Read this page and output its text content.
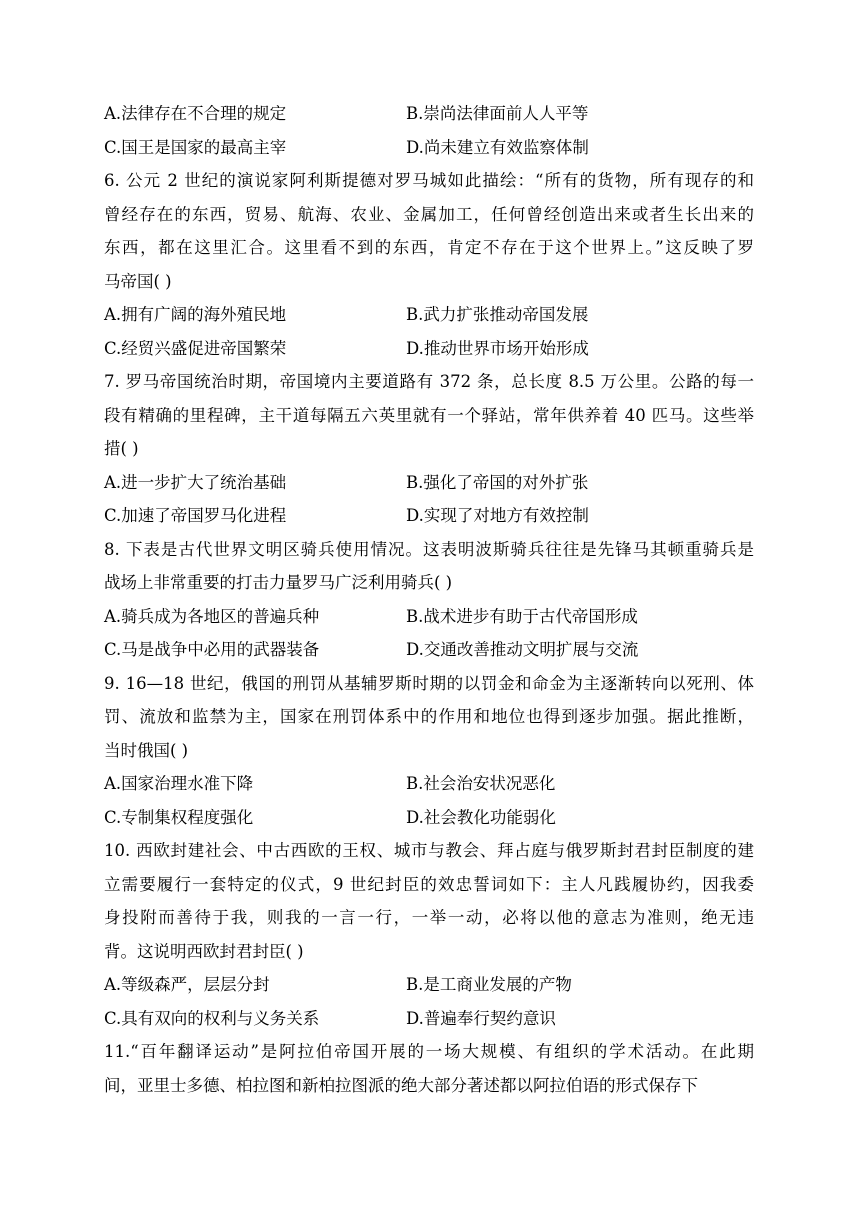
A.法律存在不合理的规定	B.崇尚法律面前人人平等
C.国王是国家的最高主宰	D.尚未建立有效监察体制
6. 公元 2 世纪的演说家阿利斯提德对罗马城如此描绘：“所有的货物，所有现存的和
曾经存在的东西，贸易、航海、农业、金属加工，任何曾经创造出来或者生长出来的
东西，都在这里汇合。这里看不到的东西，肯定不存在于这个世界上。”这反映了罗
马帝国( )
A.拥有广阔的海外殖民地	B.武力扩张推动帝国发展
C.经贸兴盛促进帝国繁荣	D.推动世界市场开始形成
7. 罗马帝国统治时期，帝国境内主要道路有 372 条，总长度 8.5 万公里。公路的每一
段有精确的里程碑，主干道每隔五六英里就有一个驿站，常年供养着 40 匹马。这些举
措( )
A.进一步扩大了统治基础	B.强化了帝国的对外扩张
C.加速了帝国罗马化进程	D.实现了对地方有效控制
8. 下表是古代世界文明区骑兵使用情况。这表明波斯骑兵往往是先锋马其顿重骑兵是
战场上非常重要的打击力量罗马广泛利用骑兵( )
A.骑兵成为各地区的普遍兵种	B.战术进步有助于古代帝国形成
C.马是战争中必用的武器装备	D.交通改善推动文明扩展与交流
9. 16—18 世纪，俄国的刑罚从基辅罗斯时期的以罚金和命金为主逐渐转向以死刑、体
罚、流放和监禁为主，国家在刑罚体系中的作用和地位也得到逐步加强。据此推断，
当时俄国( )
A.国家治理水准下降	B.社会治安状况恶化
C.专制集权程度强化	D.社会教化功能弱化
10. 西欧封建社会、中古西欧的王权、城市与教会、拜占庭与俄罗斯封君封臣制度的建
立需要履行一套特定的仪式，9 世纪封臣的效忠誓词如下：主人凡践履协约，因我委
身投附而善待于我，则我的一言一行，一举一动，必将以他的意志为准则，绝无违
背。这说明西欧封君封臣( )
A.等级森严，层层分封	B.是工商业发展的产物
C.具有双向的权利与义务关系	D.普遍奉行契约意识
11.“百年翻译运动”是阿拉伯帝国开展的一场大规模、有组织的学术活动。在此期
间，亚里士多德、柏拉图和新柏拉图派的绝大部分著述都以阿拉伯语的形式保存下
